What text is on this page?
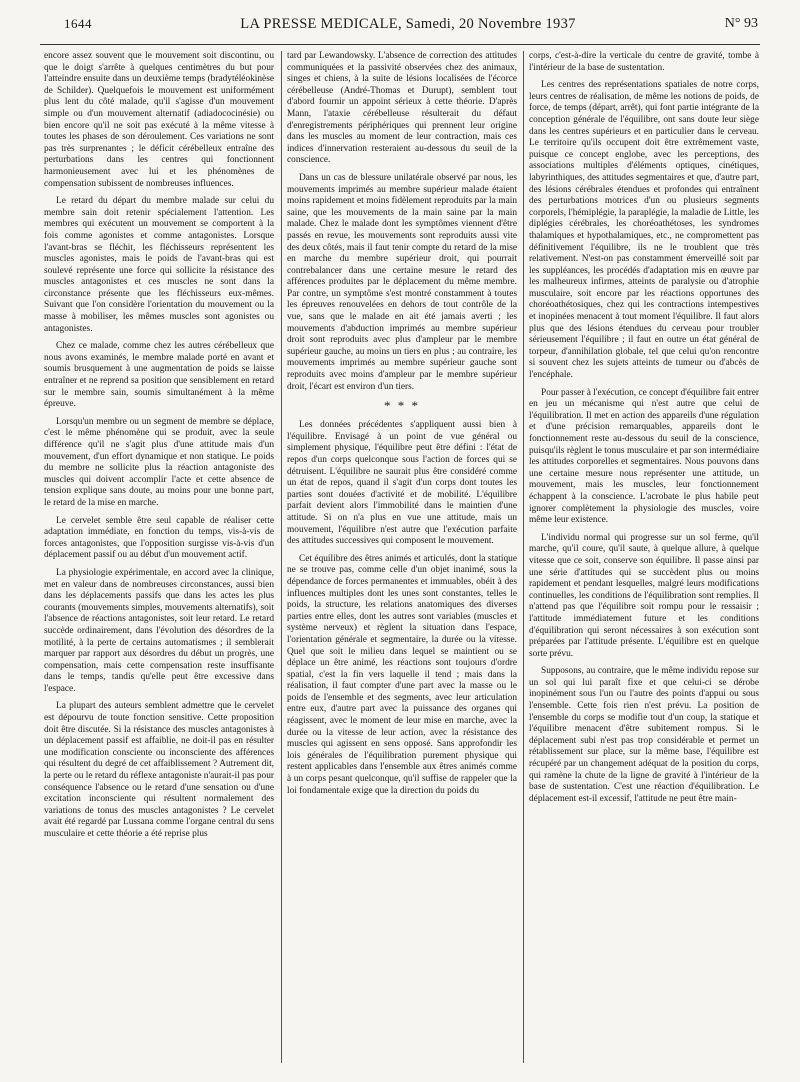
1644	LA PRESSE MEDICALE, Samedi, 20 Novembre 1937	N° 93

encore assez souvent que le mouvement soit discontinu, ou que le doigt s'arrête à quelques centimètres du but pour l'atteindre ensuite dans un deuxième temps (bradytéléokinèse de Schilder). Quelquefois le mouvement est uniformément plus lent du côté malade, qu'il s'agisse d'un mouvement simple ou d'un mouvement alternatif (adiadococinésie) ou bien encore qu'il ne soit pas exécuté à la même vitesse à toutes les phases de son déroulement. Ces variations ne sont pas très surprenantes ; le déficit cérébelleux entraîne des perturbations dans les centres qui fonctionnent harmonieusement avec lui et les phénomènes de compensation subissent de nombreuses influences.

Le retard du départ du membre malade sur celui du membre sain doit retenir spécialement l'attention. Les membres qui exécutent un mouvement se comportent à la fois comme agonistes et comme antagonistes. Lorsque l'avant-bras se fléchit, les fléchisseurs représentent les muscles agonistes, mais le poids de l'avant-bras qui est soulevé représente une force qui sollicite la résistance des muscles antagonistes et ces muscles ne sont dans la circonstance présente que les fléchisseurs eux-mêmes. Suivant que l'on considère l'orientation du mouvement ou la masse à mobiliser, les mêmes muscles sont agonistes ou antagonistes.

Chez ce malade, comme chez les autres cérébelleux que nous avons examinés, le membre malade porté en avant et soumis brusquement à une augmentation de poids se laisse entraîner et ne reprend sa position que sensiblement en retard sur le membre sain, soumis simultanément à la même épreuve.

Lorsqu'un membre ou un segment de membre se déplace, c'est le même phénomène qui se produit, avec la seule différence qu'il ne s'agit plus d'une attitude mais d'un mouvement, d'un effort dynamique et non statique. Le poids du membre ne sollicite plus la réaction antagoniste des muscles qui doivent accomplir l'acte et cette absence de tension explique sans doute, au moins pour une bonne part, le retard de la mise en marche.

Le cervelet semble être seul capable de réaliser cette adaptation immédiate, en fonction du temps, vis-à-vis de forces antagonistes, que l'opposition surgisse vis-à-vis d'un déplacement passif ou au début d'un mouvement actif.

La physiologie expérimentale, en accord avec la clinique, met en valeur dans de nombreuses circonstances, aussi bien dans les déplacements passifs que dans les actes les plus courants (mouvements simples, mouvements alternatifs), soit l'absence de réactions antagonistes, soit leur retard. Le retard succède ordinairement, dans l'évolution des désordres de la motilité, à la perte de certains automatismes ; il semblerait marquer par rapport aux désordres du début un progrès, une compensation, mais cette compensation reste insuffisante dans le temps, tandis qu'elle peut être excessive dans l'espace.

La plupart des auteurs semblent admettre que le cervelet est dépourvu de toute fonction sensitive. Cette proposition doit être discutée. Si la résistance des muscles antagonistes à un déplacement passif est affaiblie, ne doit-il pas en résulter une modification consciente ou inconsciente des afférences qui résultent du degré de cet affaiblissement ? Autrement dit, la perte ou le retard du réflexe antagoniste n'aurait-il pas pour conséquence l'absence ou le retard d'une sensation ou d'une excitation inconsciente qui résultent normalement des variations de tonus des muscles antagonistes ? Le cervelet avait été regardé par Lussana comme l'organe central du sens musculaire et cette théorie a été reprise plus

tard par Lewandowsky. L'absence de correction des attitudes communiquées et la passivité observées chez des animaux, singes et chiens, à la suite de lésions localisées de l'écorce cérébelleuse (André-Thomas et Durupt), semblent tout d'abord fournir un appoint sérieux à cette théorie. D'après Mann, l'ataxie cérébelleuse résulterait du défaut d'enregistrements périphériques qui prennent leur origine dans les muscles au moment de leur contraction, mais ces indices d'innervation resteraient au-dessous du seuil de la conscience.

Dans un cas de blessure unilatérale observé par nous, les mouvements imprimés au membre supérieur malade étaient moins rapidement et moins fidèlement reproduits par la main saine, que les mouvements de la main saine par la main malade. Chez le malade dont les symptômes viennent d'être passés en revue, les mouvements sont reproduits aussi vite des deux côtés, mais il faut tenir compte du retard de la mise en marche du membre supérieur droit, qui pourrait contrebalancer dans une certaine mesure le retard des afférences produites par le déplacement du même membre. Par contre, un symptôme s'est montré constamment à toutes les épreuves renouvelées en dehors de tout contrôle de la vue, sans que le malade en ait été jamais averti ; les mouvements d'abduction imprimés au membre supérieur droit sont reproduits avec plus d'ampleur par le membre supérieur gauche, au moins un tiers en plus ; au contraire, les mouvements imprimés au membre supérieur gauche sont reproduits avec moins d'ampleur par le membre supérieur droit, l'écart est environ d'un tiers.

* * *

Les données précédentes s'appliquent aussi bien à l'équilibre. Envisagé à un point de vue général ou simplement physique, l'équilibre peut être défini : l'état de repos d'un corps quelconque sous l'action de forces qui se détruisent. L'équilibre ne saurait plus être considéré comme un état de repos, quand il s'agit d'un corps dont toutes les parties sont douées d'activité et de mobilité. L'équilibre parfait devient alors l'immobilité dans le maintien d'une attitude. Si on n'a plus en vue une attitude, mais un mouvement, l'équilibre n'est autre que l'exécution parfaite des attitudes successives qui composent le mouvement.

Cet équilibre des êtres animés et articulés, dont la statique ne se trouve pas, comme celle d'un objet inanimé, sous la dépendance de forces permanentes et immuables, obéit à des influences multiples dont les unes sont constantes, telles le poids, la structure, les relations anatomiques des diverses parties entre elles, dont les autres sont variables (muscles et système nerveux) et règlent la situation dans l'espace, l'orientation générale et segmentaire, la durée ou la vitesse. Quel que soit le milieu dans lequel se maintient ou se déplace un être animé, les réactions sont toujours d'ordre spatial, c'est la fin vers laquelle il tend ; mais dans la réalisation, il faut compter d'une part avec la masse ou le poids de l'ensemble et des segments, avec leur articulation entre eux, d'autre part avec la puissance des organes qui réagissent, avec le moment de leur mise en marche, avec la durée ou la vitesse de leur action, avec la résistance des muscles qui agissent en sens opposé. Sans approfondir les lois générales de l'équilibration purement physique qui restent applicables dans l'ensemble aux êtres animés comme à un corps pesant quelconque, qu'il suffise de rappeler que la loi fondamentale exige que la direction du poids du

corps, c'est-à-dire la verticale du centre de gravité, tombe à l'intérieur de la base de sustentation.

Les centres des représentations spatiales de notre corps, leurs centres de réalisation, de même les notions de poids, de force, de temps (départ, arrêt), qui font partie intégrante de la conception générale de l'équilibre, ont sans doute leur siège dans les centres supérieurs et en particulier dans le cerveau. Le territoire qu'ils occupent doit être extrêmement vaste, puisque ce concept englobe, avec les perceptions, des associations multiples d'éléments optiques, cinétiques, labyrinthiques, des attitudes segmentaires et que, d'autre part, des lésions cérébrales étendues et profondes qui entraînent des perturbations motrices d'un ou plusieurs segments corporels, l'hémiplégie, la paraplégie, la maladie de Little, les diplégies cérébrales, les choréoathétoses, les syndromes thalamiques et hypothalamiques, etc., ne compromettent pas définitivement l'équilibre, ils ne le troublent que très relativement. N'est-on pas constamment émerveillé soit par les suppléances, les procédés d'adaptation mis en œuvre par les malheureux infirmes, atteints de paralysie ou d'atrophie musculaire, soit encore par les réactions opportunes des choréoathétosiques, chez qui les contractions intempestives et inopinées menacent à tout moment l'équilibre. Il faut alors plus que des lésions étendues du cerveau pour troubler sérieusement l'équilibre ; il faut en outre un état général de torpeur, d'annihilation globale, tel que celui qu'on rencontre si souvent chez les sujets atteints de tumeur ou d'abcès de l'encéphale.

Pour passer à l'exécution, ce concept d'équilibre fait entrer en jeu un mécanisme qui n'est autre que celui de l'équilibration. Il met en action des appareils d'une régulation et d'une précision remarquables, appareils dont le fonctionnement reste au-dessous du seuil de la conscience, puisqu'ils règlent le tonus musculaire et par son intermédiaire les attitudes corporelles et segmentaires. Nous pouvons dans une certaine mesure nous représenter une attitude, un mouvement, mais les muscles, leur fonctionnement échappent à la conscience. L'acrobate le plus habile peut ignorer complètement la physiologie des muscles, voire même leur existence.

L'individu normal qui progresse sur un sol ferme, qu'il marche, qu'il coure, qu'il saute, à quelque allure, à quelque vitesse que ce soit, conserve son équilibre. Il passe ainsi par une série d'attitudes qui se succèdent plus ou moins rapidement et pendant lesquelles, malgré leurs modifications continuelles, les conditions de l'équilibration sont remplies. Il n'attend pas que l'équilibre soit rompu pour le ressaisir ; l'attitude immédiatement future et les conditions d'équilibration qui seront nécessaires à son exécution sont préparées par l'attitude présente. L'équilibre est en quelque sorte prévu.

Supposons, au contraire, que le même individu repose sur un sol qui lui paraît fixe et que celui-ci se dérobe inopinément sous l'un ou l'autre des points d'appui ou sous l'ensemble. Cette fois rien n'est prévu. La position de l'ensemble du corps se modifie tout d'un coup, la statique et l'équilibre menacent d'être subitement rompus. Si le déplacement subi n'est pas trop considérable et permet un rétablissement sur place, sur la même base, l'équilibre est récupéré par un changement adéquat de la position du corps, qui ramène la chute de la ligne de gravité à l'intérieur de la base de sustentation. C'est une réaction d'équilibration. Le déplacement est-il excessif, l'attitude ne peut être main-
